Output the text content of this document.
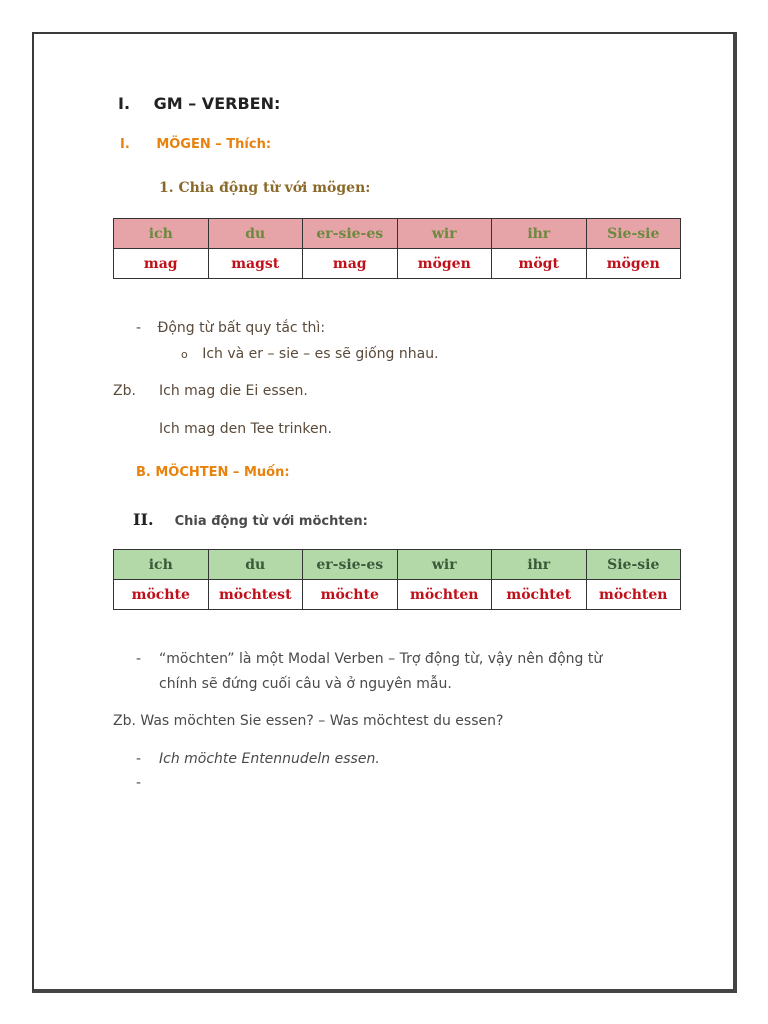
I. GM – VERBEN:
I. MÖGEN – Thích:
1. Chia động từ với mögen:
ich	du	er-sie-es	wir	ihr	Sie-sie
mag	magst	mag	mögen	mögt	mögen
- Động từ bất quy tắc thì:
o Ich và er – sie – es sẽ giống nhau.
Zb. Ich mag die Ei essen.
Ich mag den Tee trinken.
B. MÖCHTEN – Muốn:
II. Chia động từ với möchten:
ich	du	er-sie-es	wir	ihr	Sie-sie
möchte	möchtest	möchte	möchten	möchtet	möchten
- “möchten” là một Modal Verben – Trợ động từ, vậy nên động từ
chính sẽ đứng cuối câu và ở nguyên mẫu.
Zb. Was möchten Sie essen? – Was möchtest du essen?
- Ich möchte Entennudeln essen.
-
